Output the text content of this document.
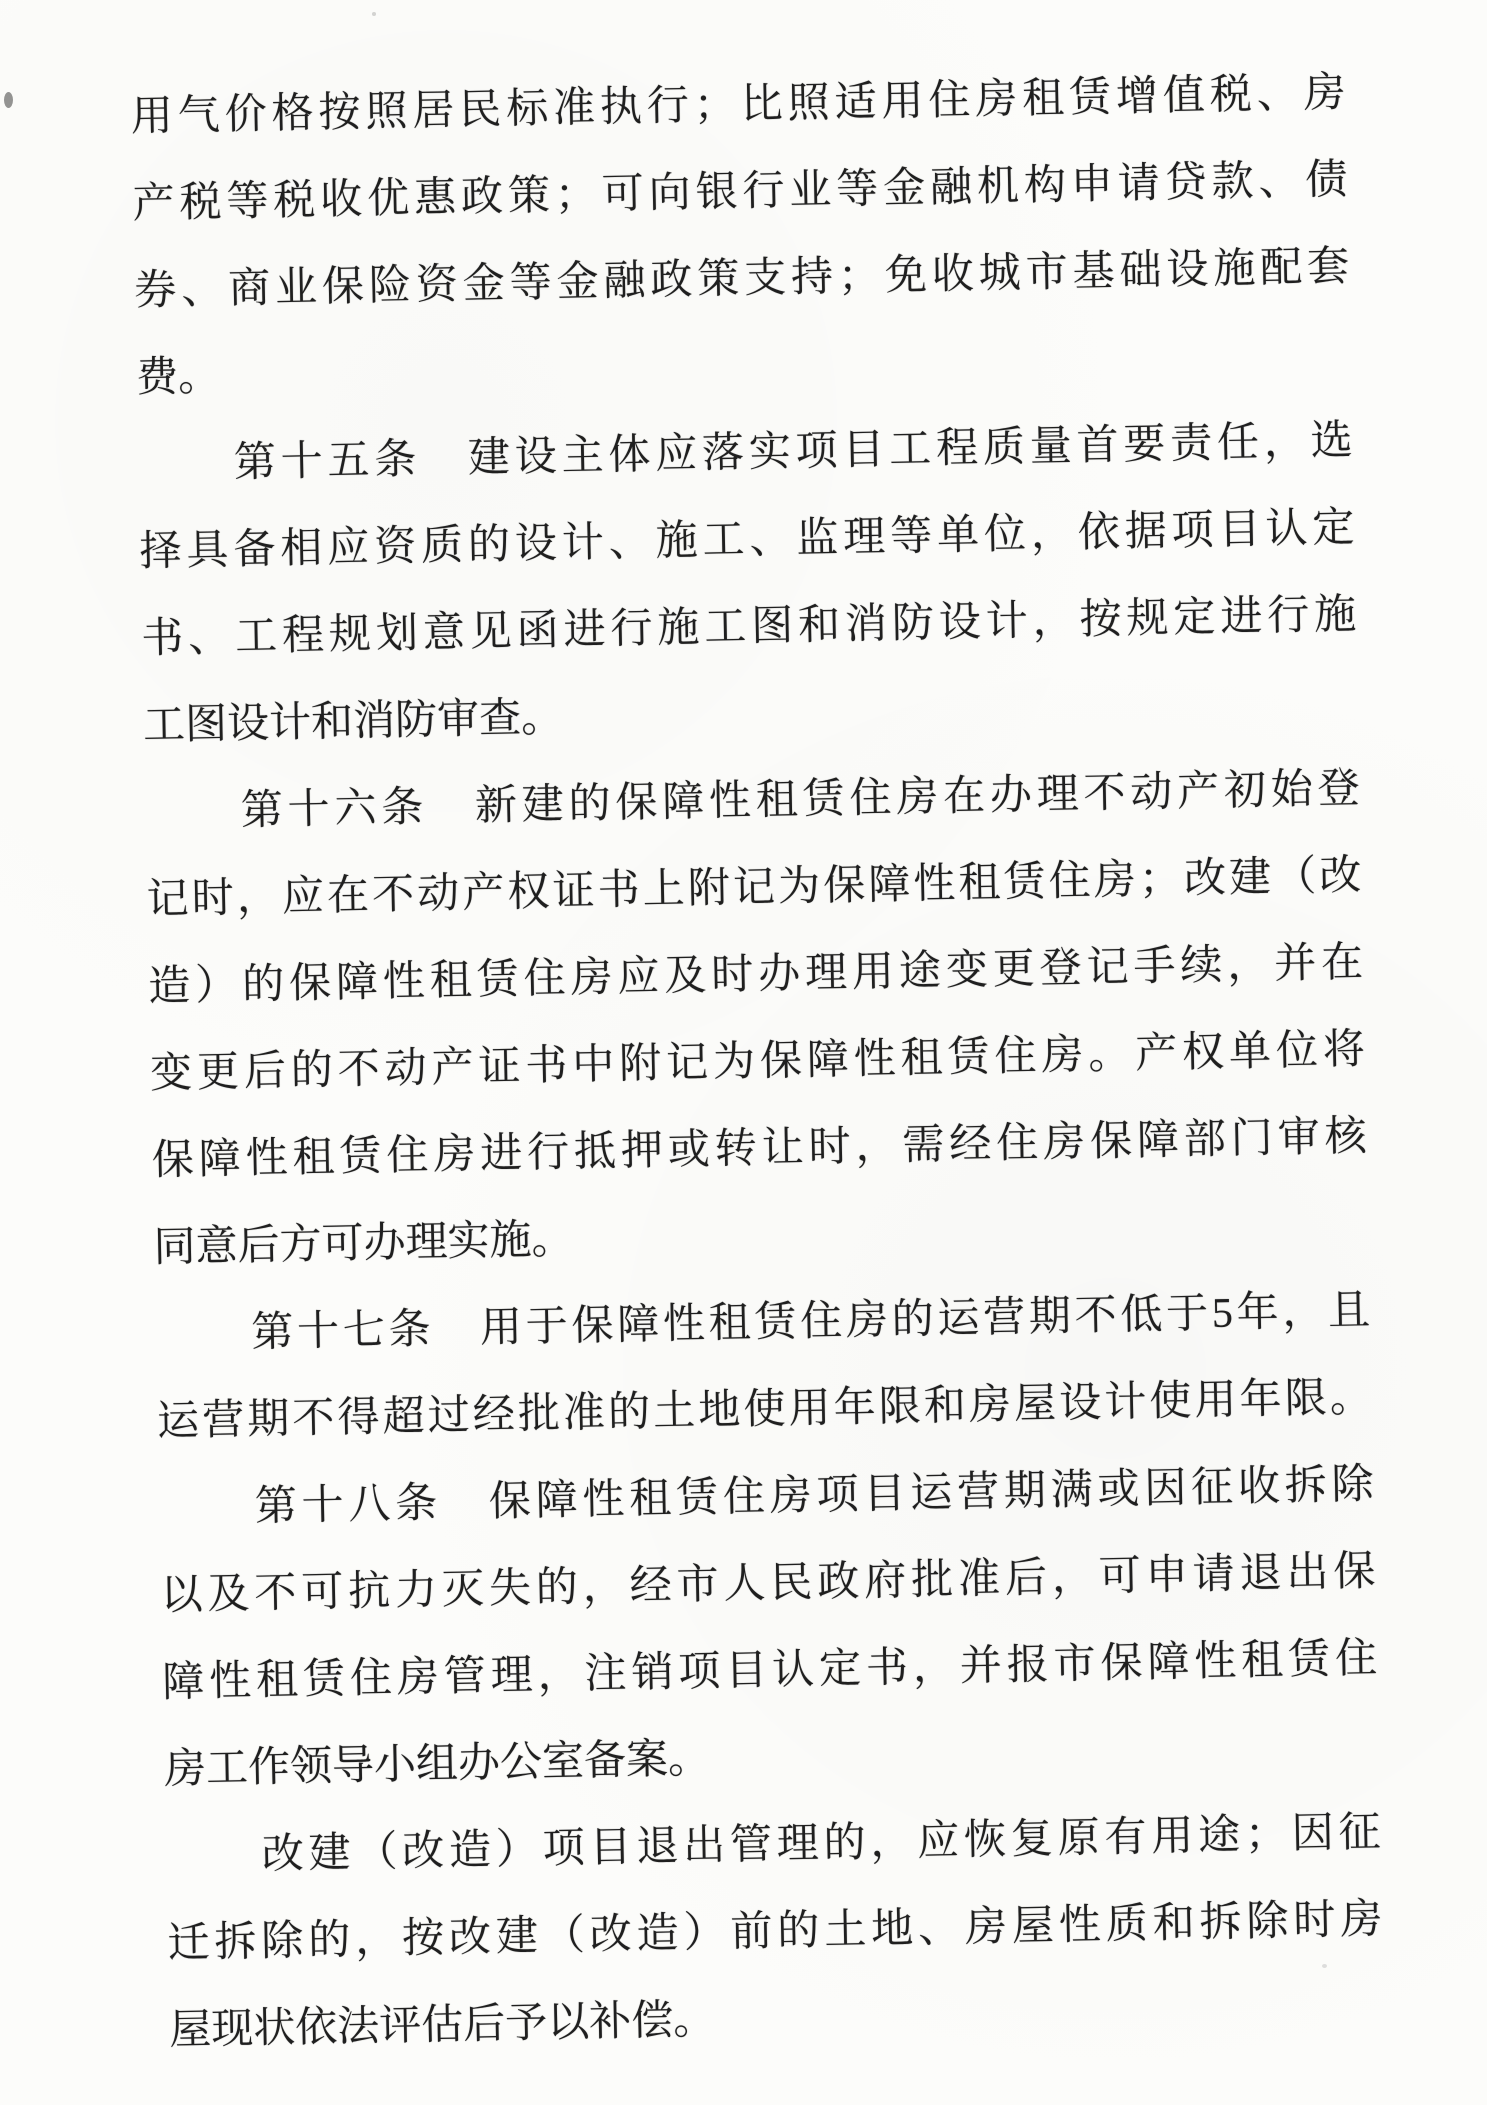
用气价格按照居民标准执行；比照适用住房租赁增值税、房
产税等税收优惠政策；可向银行业等金融机构申请贷款、债
券、商业保险资金等金融政策支持；免收城市基础设施配套
费。
第十五条　建设主体应落实项目工程质量首要责任，选
择具备相应资质的设计、施工、监理等单位，依据项目认定
书、工程规划意见函进行施工图和消防设计，按规定进行施
工图设计和消防审查。
第十六条　新建的保障性租赁住房在办理不动产初始登
记时，应在不动产权证书上附记为保障性租赁住房；改建（改
造）的保障性租赁住房应及时办理用途变更登记手续，并在
变更后的不动产证书中附记为保障性租赁住房。产权单位将
保障性租赁住房进行抵押或转让时，需经住房保障部门审核
同意后方可办理实施。
第十七条　用于保障性租赁住房的运营期不低于5年，且
运营期不得超过经批准的土地使用年限和房屋设计使用年限。
第十八条　保障性租赁住房项目运营期满或因征收拆除
以及不可抗力灭失的，经市人民政府批准后，可申请退出保
障性租赁住房管理，注销项目认定书，并报市保障性租赁住
房工作领导小组办公室备案。
改建（改造）项目退出管理的，应恢复原有用途；因征
迁拆除的，按改建（改造）前的土地、房屋性质和拆除时房
屋现状依法评估后予以补偿。
